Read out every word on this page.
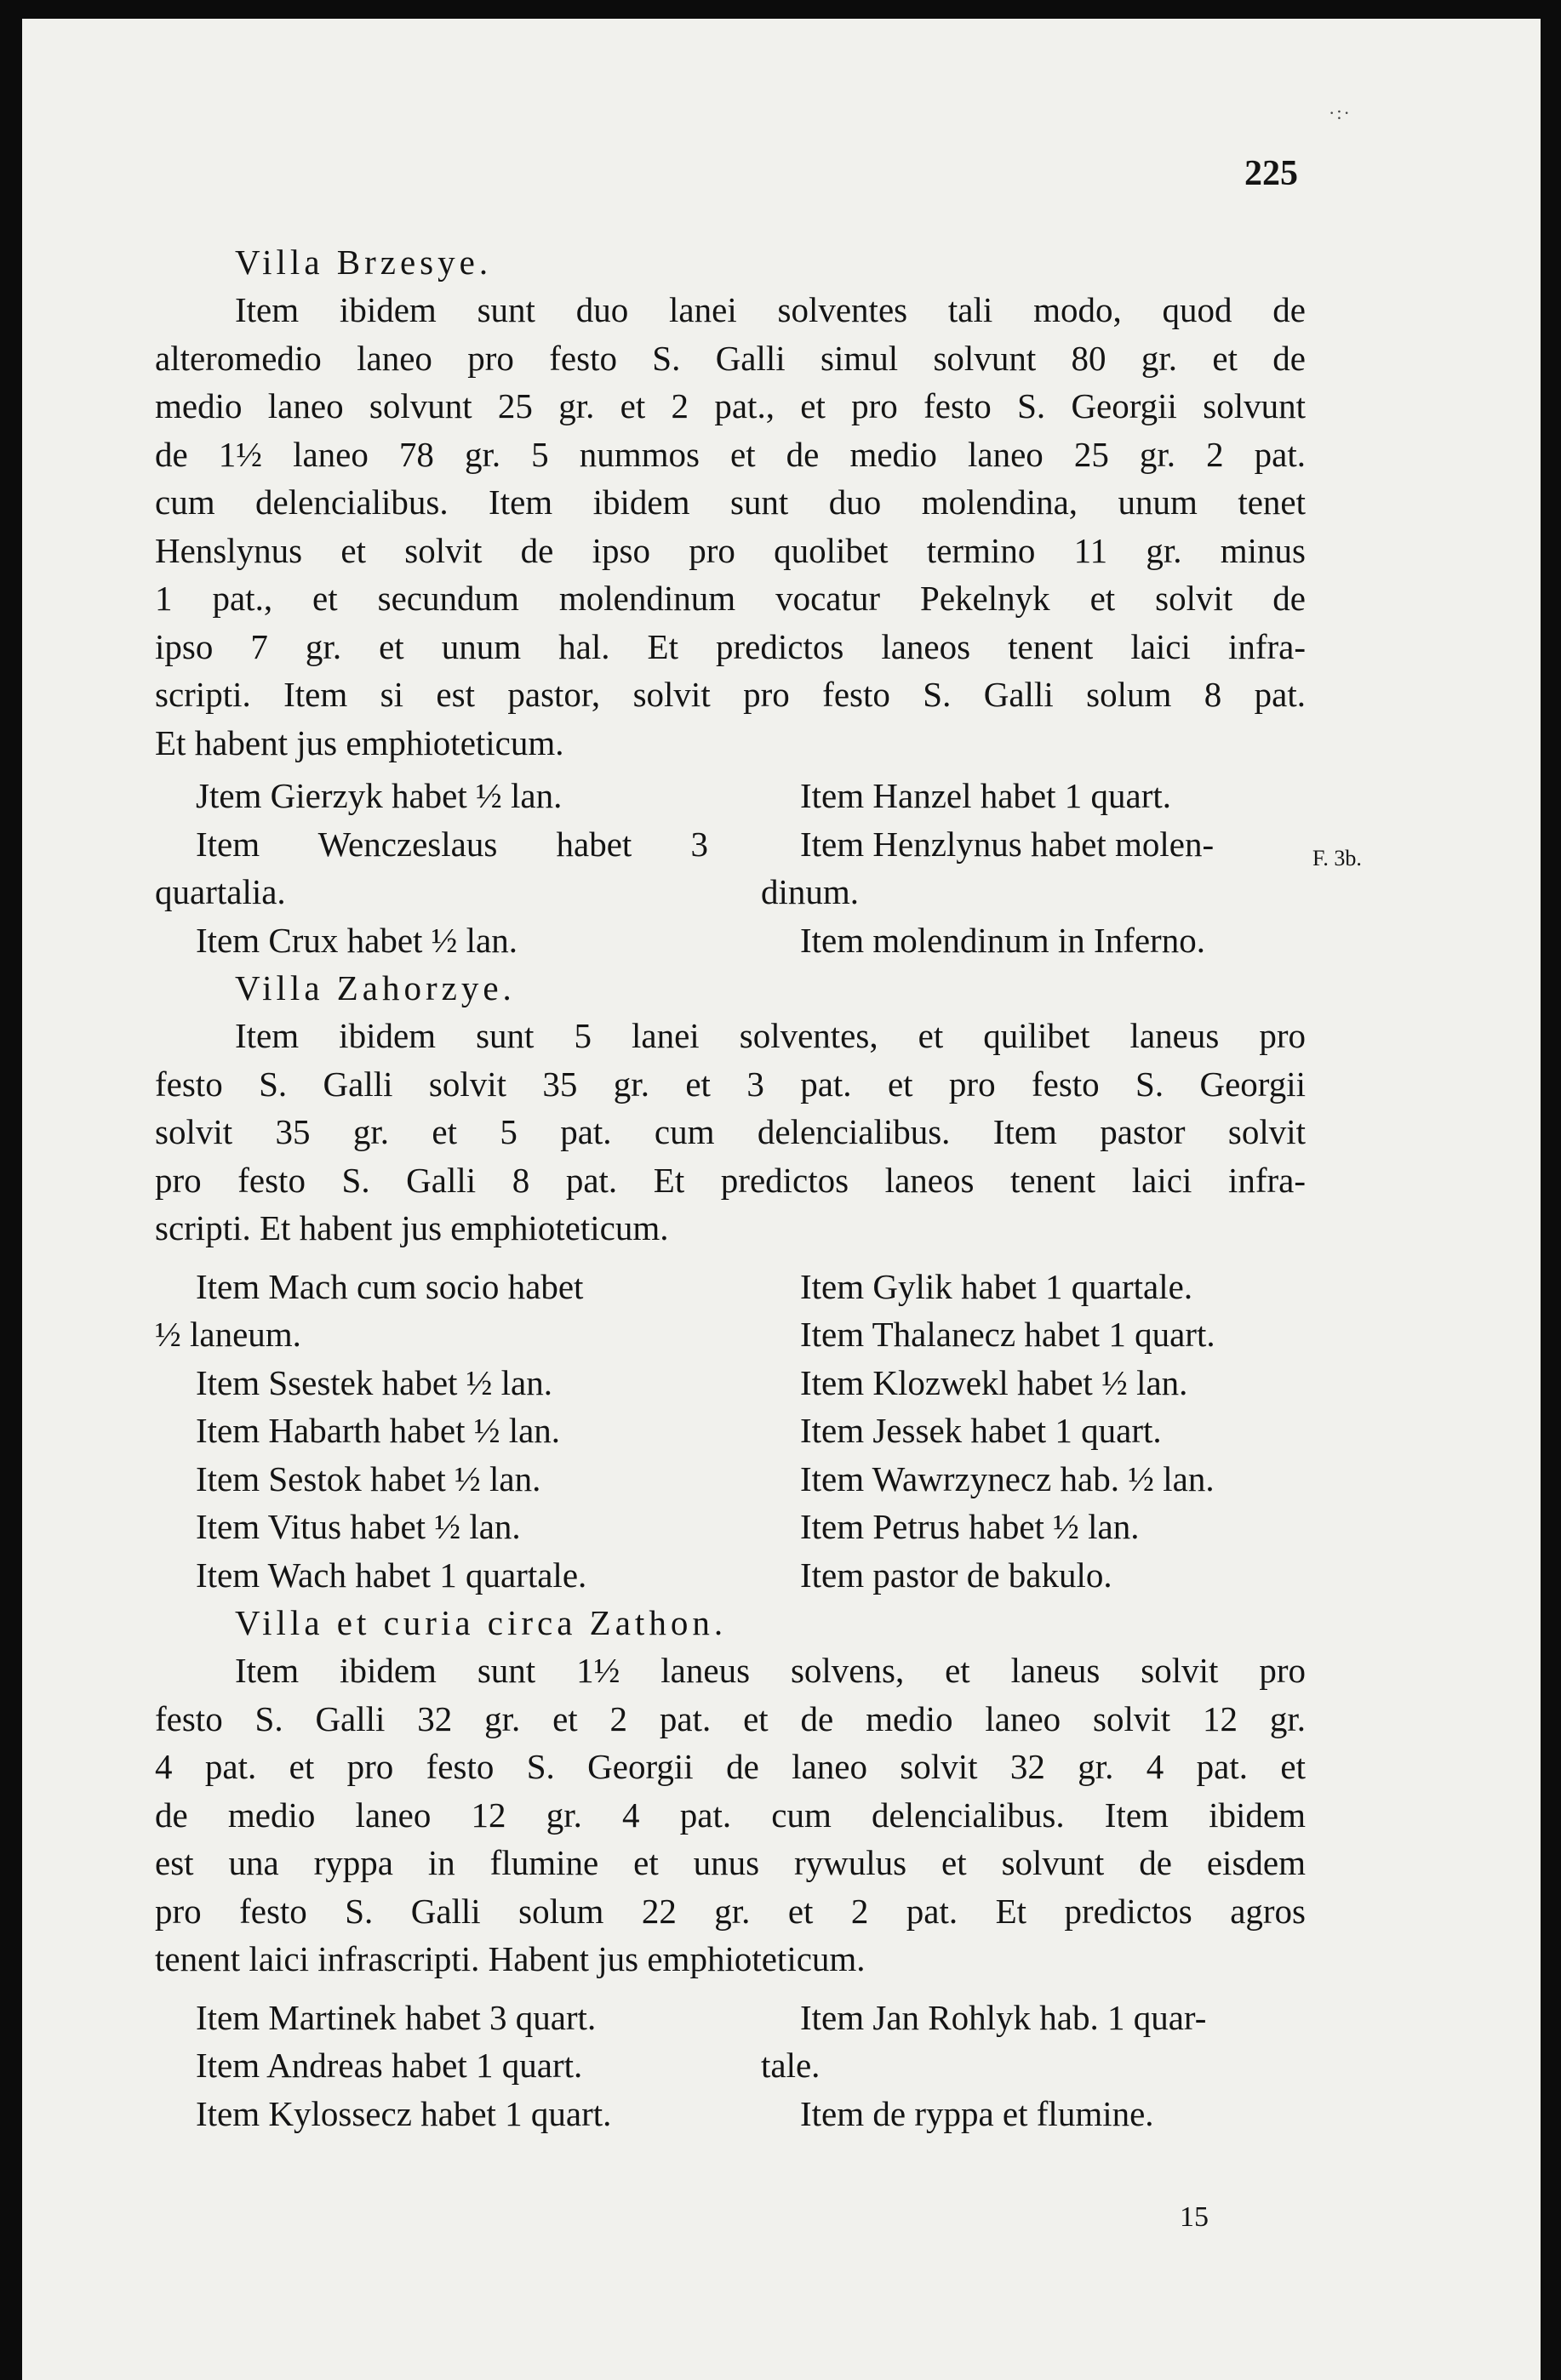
·:·
225
F. 3b.
Villa Brzesye.

Item ibidem sunt duo lanei solventes tali modo, quod de

alteromedio laneo pro festo S. Galli simul solvunt 80 gr. et de

medio laneo solvunt 25 gr. et 2 pat., et pro festo S. Georgii solvunt

de 1½ laneo 78 gr. 5 nummos et de medio laneo 25 gr. 2 pat.

cum delencialibus. Item ibidem sunt duo molendina, unum tenet

Henslynus et solvit de ipso pro quolibet termino 11 gr. minus

1 pat., et secundum molendinum vocatur Pekelnyk et solvit de

ipso 7 gr. et unum hal. Et predictos laneos tenent laici infra-

scripti. Item si est pastor, solvit pro festo S. Galli solum 8 pat.

Et habent jus emphioteticum.

Jtem Gierzyk habet ½ lan.

Item Wenczeslaus habet 3

quartalia.

Item Crux habet ½ lan.

Item Hanzel habet 1 quart.

Item Henzlynus habet molen-

dinum.

Item molendinum in Inferno.

Villa Zahorzye.

Item ibidem sunt 5 lanei solventes, et quilibet laneus pro

festo S. Galli solvit 35 gr. et 3 pat. et pro festo S. Georgii

solvit 35 gr. et 5 pat. cum delencialibus. Item pastor solvit

pro festo S. Galli 8 pat. Et predictos laneos tenent laici infra-

scripti. Et habent jus emphioteticum.

Item Mach cum socio habet

½ laneum.

Item Ssestek habet ½ lan.

Item Habarth habet ½ lan.

Item Sestok habet ½ lan.

Item Vitus habet ½ lan.

Item Wach habet 1 quartale.

Item Gylik habet 1 quartale.

Item Thalanecz habet 1 quart.

Item Klozwekl habet ½ lan.

Item Jessek habet 1 quart.

Item Wawrzynecz hab. ½ lan.

Item Petrus habet ½ lan.

Item pastor de bakulo.

Villa et curia circa Zathon.

Item ibidem sunt 1½ laneus solvens, et laneus solvit pro

festo S. Galli 32 gr. et 2 pat. et de medio laneo solvit 12 gr.

4 pat. et pro festo S. Georgii de laneo solvit 32 gr. 4 pat. et

de medio laneo 12 gr. 4 pat. cum delencialibus. Item ibidem

est una ryppa in flumine et unus rywulus et solvunt de eisdem

pro festo S. Galli solum 22 gr. et 2 pat. Et predictos agros

tenent laici infrascripti. Habent jus emphioteticum.

Item Martinek habet 3 quart.

Item Andreas habet 1 quart.

Item Kylossecz habet 1 quart.

Item Jan Rohlyk hab. 1 quar-

tale.

Item de ryppa et flumine.

15
